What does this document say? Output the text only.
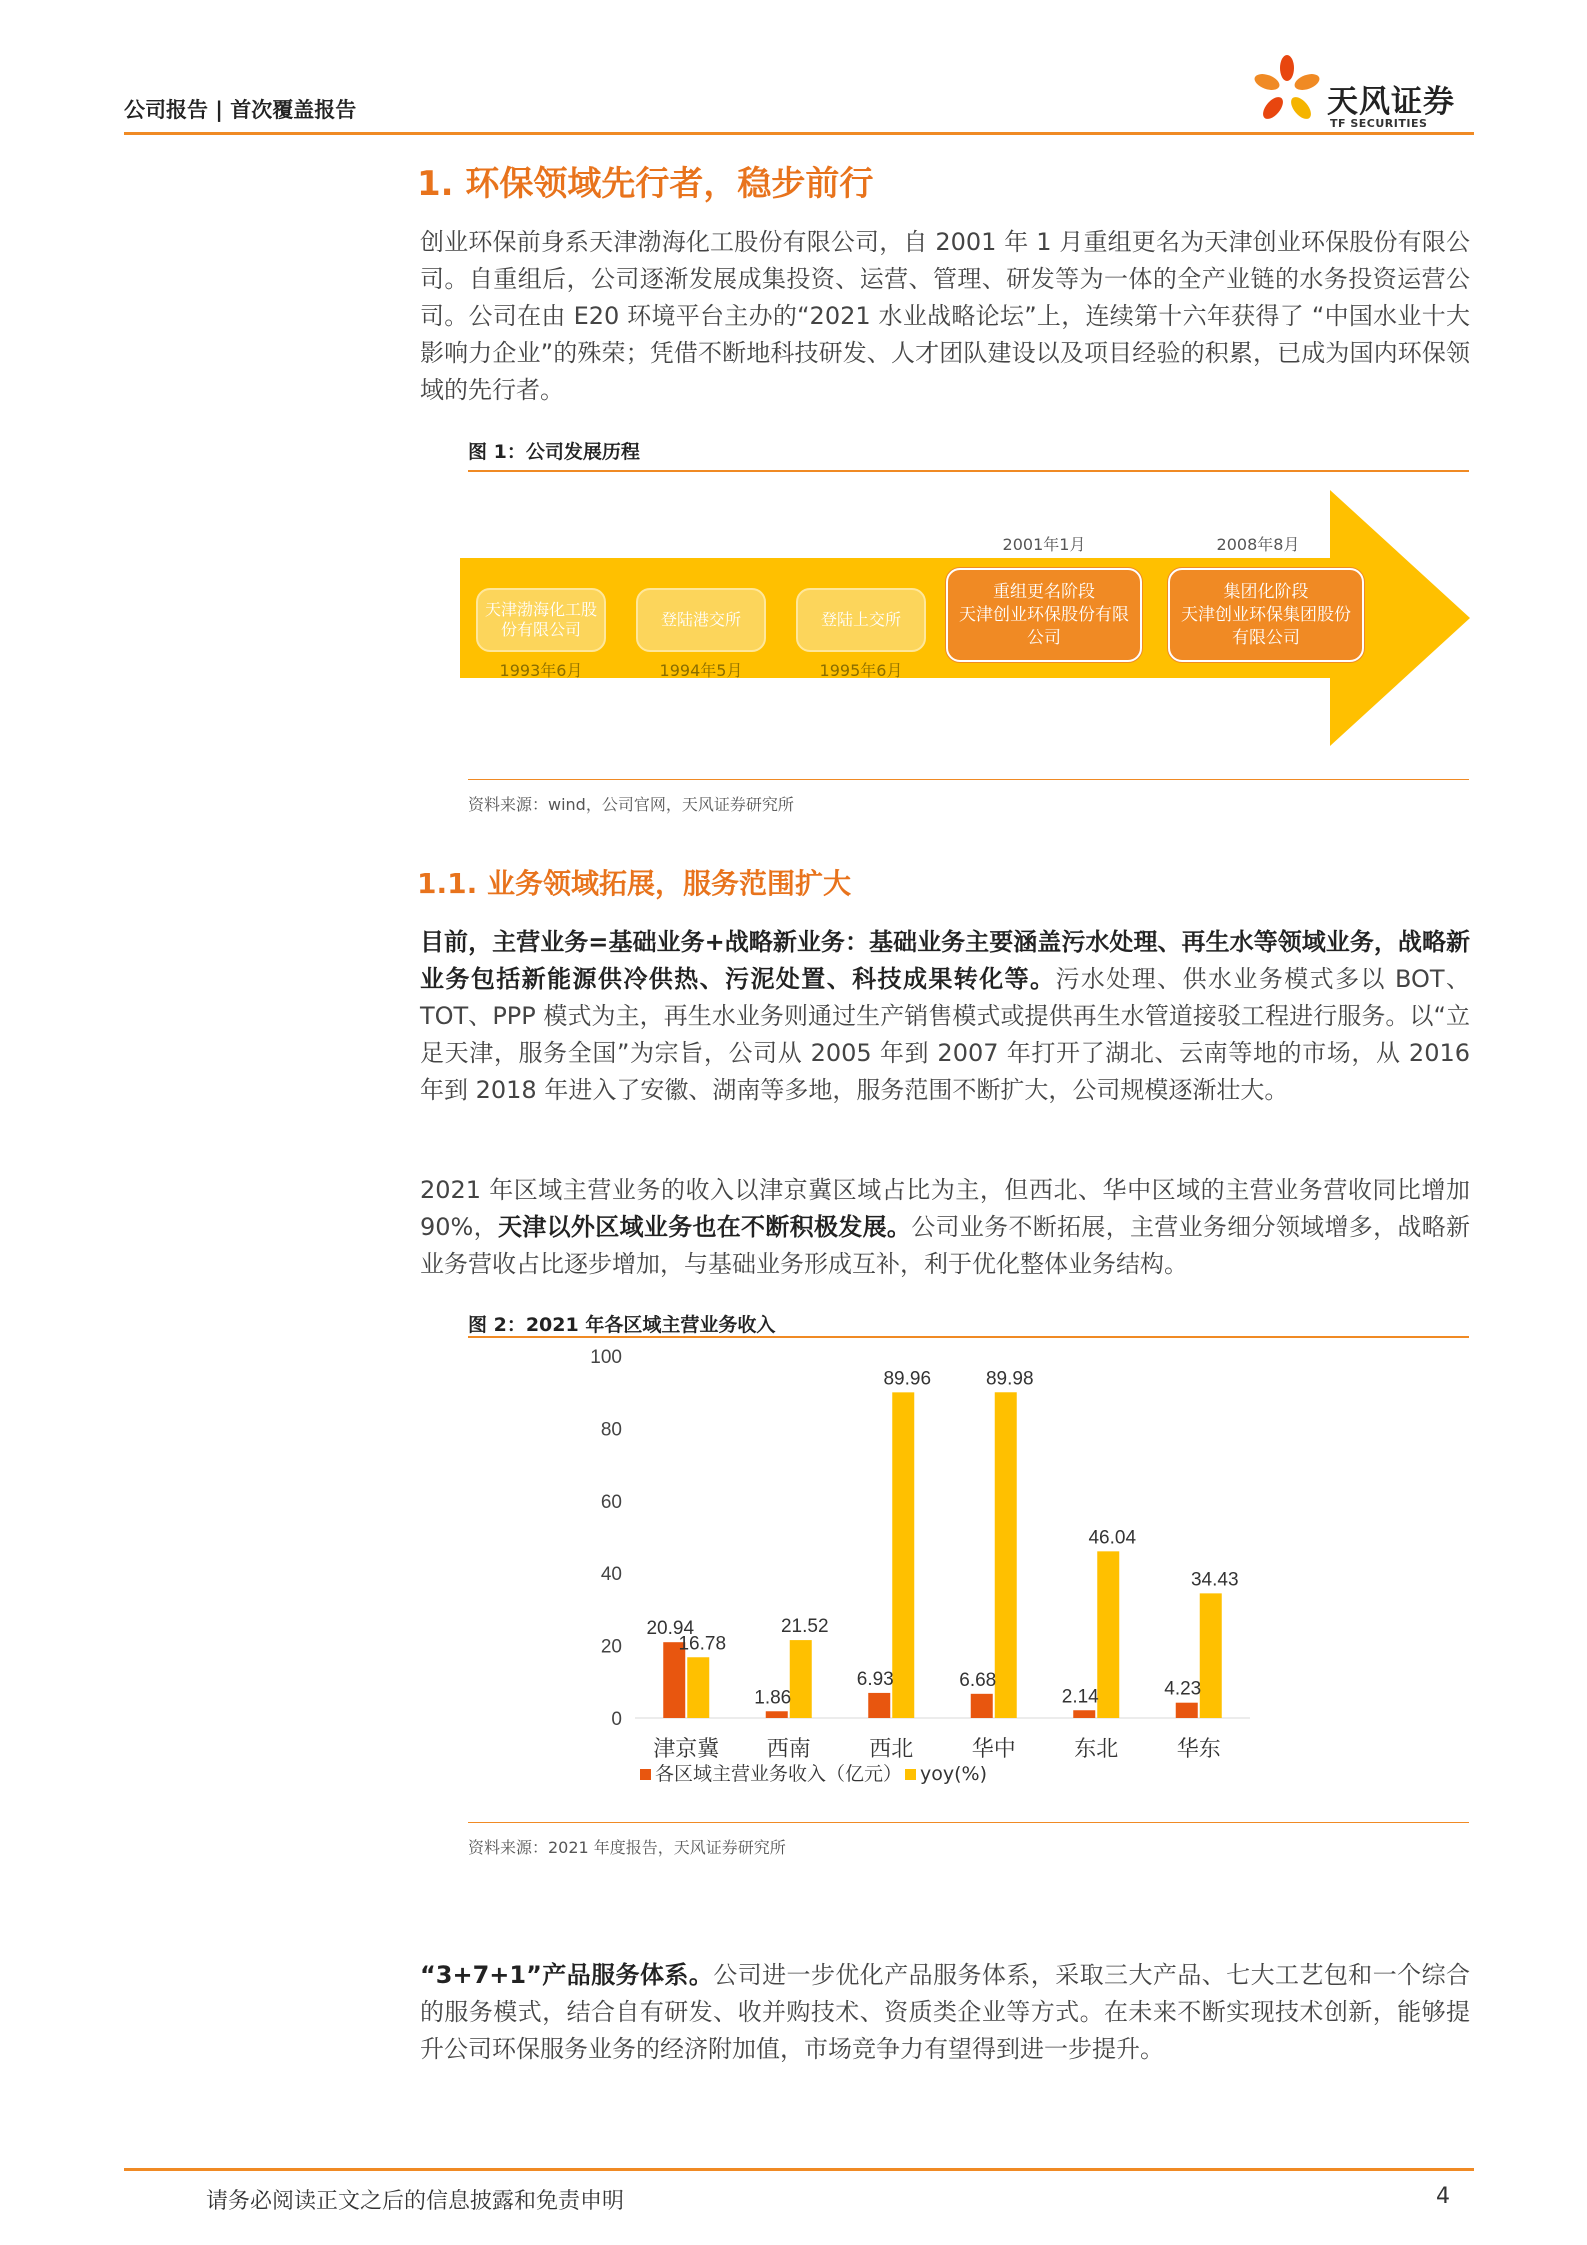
公司报告 | 首次覆盖报告	天风证券
TF SECURITIES
1. 环保领域先行者，稳步前行
创业环保前身系天津渤海化工股份有限公司，自 2001 年 1 月重组更名为天津创业环保股份有限公司。自重组后，公司逐渐发展成集投资、运营、管理、研发等为一体的全产业链的水务投资运营公司。公司在由 E20 环境平台主办的“2021 水业战略论坛”上，连续第十六年获得了 “中国水业十大影响力企业”的殊荣；凭借不断地科技研发、人才团队建设以及项目经验的积累，已成为国内环保领域的先行者。
图 1：公司发展历程
天津渤海化工股份有限公司
1993年6月
登陆港交所
1994年5月
登陆上交所
1995年6月
2001年1月
重组更名阶段
天津创业环保股份有限公司
2008年8月
集团化阶段
天津创业环保集团股份有限公司
资料来源：wind，公司官网，天风证券研究所
1.1. 业务领域拓展，服务范围扩大
目前，主营业务=基础业务+战略新业务：基础业务主要涵盖污水处理、再生水等领域业务，战略新业务包括新能源供冷供热、污泥处置、科技成果转化等。污水处理、供水业务模式多以 BOT、TOT、PPP 模式为主，再生水业务则通过生产销售模式或提供再生水管道接驳工程进行服务。以“立足天津，服务全国”为宗旨，公司从 2005 年到 2007 年打开了湖北、云南等地的市场，从 2016 年到 2018 年进入了安徽、湖南等多地，服务范围不断扩大，公司规模逐渐壮大。
2021 年区域主营业务的收入以津京冀区域占比为主，但西北、华中区域的主营业务营收同比增加 90%，天津以外区域业务也在不断积极发展。公司业务不断拓展，主营业务细分领域增多，战略新业务营收占比逐步增加，与基础业务形成互补，利于优化整体业务结构。
图 2：2021 年各区域主营业务收入
0
20
40
60
80
100
20.94
16.78
津京冀
1.86
21.52
西南
6.93
89.96
西北
6.68
89.98
华中
2.14
46.04
东北
4.23
34.43
华东
各区域主营业务收入（亿元） yoy(%)
资料来源：2021 年度报告，天风证券研究所
“3+7+1”产品服务体系。公司进一步优化产品服务体系，采取三大产品、七大工艺包和一个综合的服务模式，结合自有研发、收并购技术、资质类企业等方式。在未来不断实现技术创新，能够提升公司环保服务业务的经济附加值，市场竞争力有望得到进一步提升。
请务必阅读正文之后的信息披露和免责申明	4
